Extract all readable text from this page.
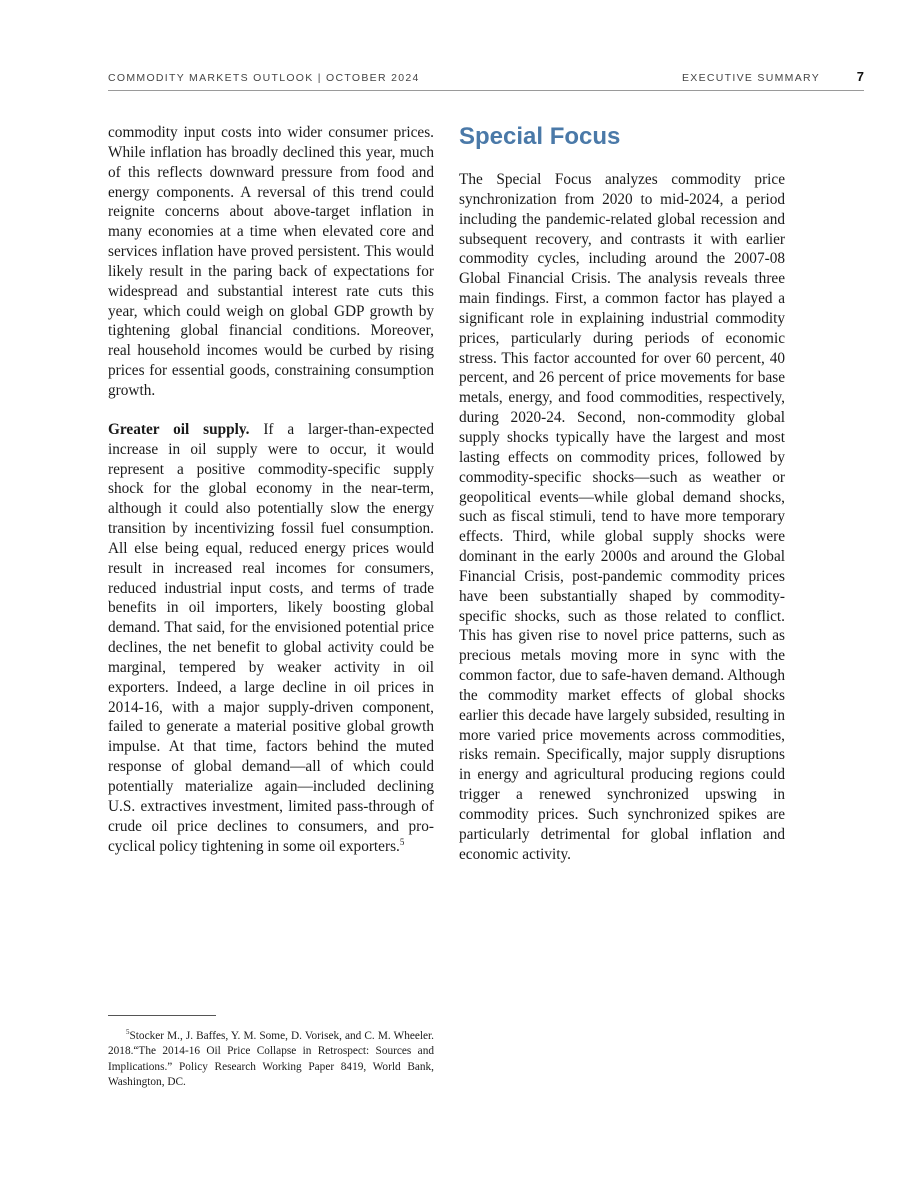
COMMODITY MARKETS OUTLOOK | OCTOBER 2024	EXECUTIVE SUMMARY	7

commodity input costs into wider consumer prices. While inflation has broadly declined this year, much of this reflects downward pressure from food and energy components. A reversal of this trend could reignite concerns about above-target inflation in many economies at a time when elevated core and services inflation have proved persistent. This would likely result in the paring back of expectations for widespread and substantial interest rate cuts this year, which could weigh on global GDP growth by tightening global financial conditions. Moreover, real household incomes would be curbed by rising prices for essential goods, constraining consumption growth.

Greater oil supply. If a larger-than-expected increase in oil supply were to occur, it would represent a positive commodity-specific supply shock for the global economy in the near-term, although it could also potentially slow the energy transition by incentivizing fossil fuel consumption. All else being equal, reduced energy prices would result in increased real incomes for consumers, reduced industrial input costs, and terms of trade benefits in oil importers, likely boosting global demand. That said, for the envisioned potential price declines, the net benefit to global activity could be marginal, tempered by weaker activity in oil exporters. Indeed, a large decline in oil prices in 2014-16, with a major supply-driven component, failed to generate a material positive global growth impulse. At that time, factors behind the muted response of global demand—all of which could potentially materialize again—included declining U.S. extractives investment, limited pass-through of crude oil price declines to consumers, and pro-cyclical policy tightening in some oil exporters.$^5$

Special Focus

The Special Focus analyzes commodity price synchronization from 2020 to mid-2024, a period including the pandemic-related global recession and subsequent recovery, and contrasts it with earlier commodity cycles, including around the 2007-08 Global Financial Crisis. The analysis reveals three main findings. First, a common factor has played a significant role in explaining industrial commodity prices, particularly during periods of economic stress. This factor accounted for over 60 percent, 40 percent, and 26 percent of price movements for base metals, energy, and food commodities, respectively, during 2020-24. Second, non-commodity global supply shocks typically have the largest and most lasting effects on commodity prices, followed by commodity-specific shocks—such as weather or geopolitical events—while global demand shocks, such as fiscal stimuli, tend to have more temporary effects. Third, while global supply shocks were dominant in the early 2000s and around the Global Financial Crisis, post-pandemic commodity prices have been substantially shaped by commodity-specific shocks, such as those related to conflict. This has given rise to novel price patterns, such as precious metals moving more in sync with the common factor, due to safe-haven demand. Although the commodity market effects of global shocks earlier this decade have largely subsided, resulting in more varied price movements across commodities, risks remain. Specifically, major supply disruptions in energy and agricultural producing regions could trigger a renewed synchronized upswing in commodity prices. Such synchronized spikes are particularly detrimental for global inflation and economic activity.

$^5$Stocker M., J. Baffes, Y. M. Some, D. Vorisek, and C. M. Wheeler. 2018.“The 2014-16 Oil Price Collapse in Retrospect: Sources and Implications.” Policy Research Working Paper 8419, World Bank, Washington, DC.
